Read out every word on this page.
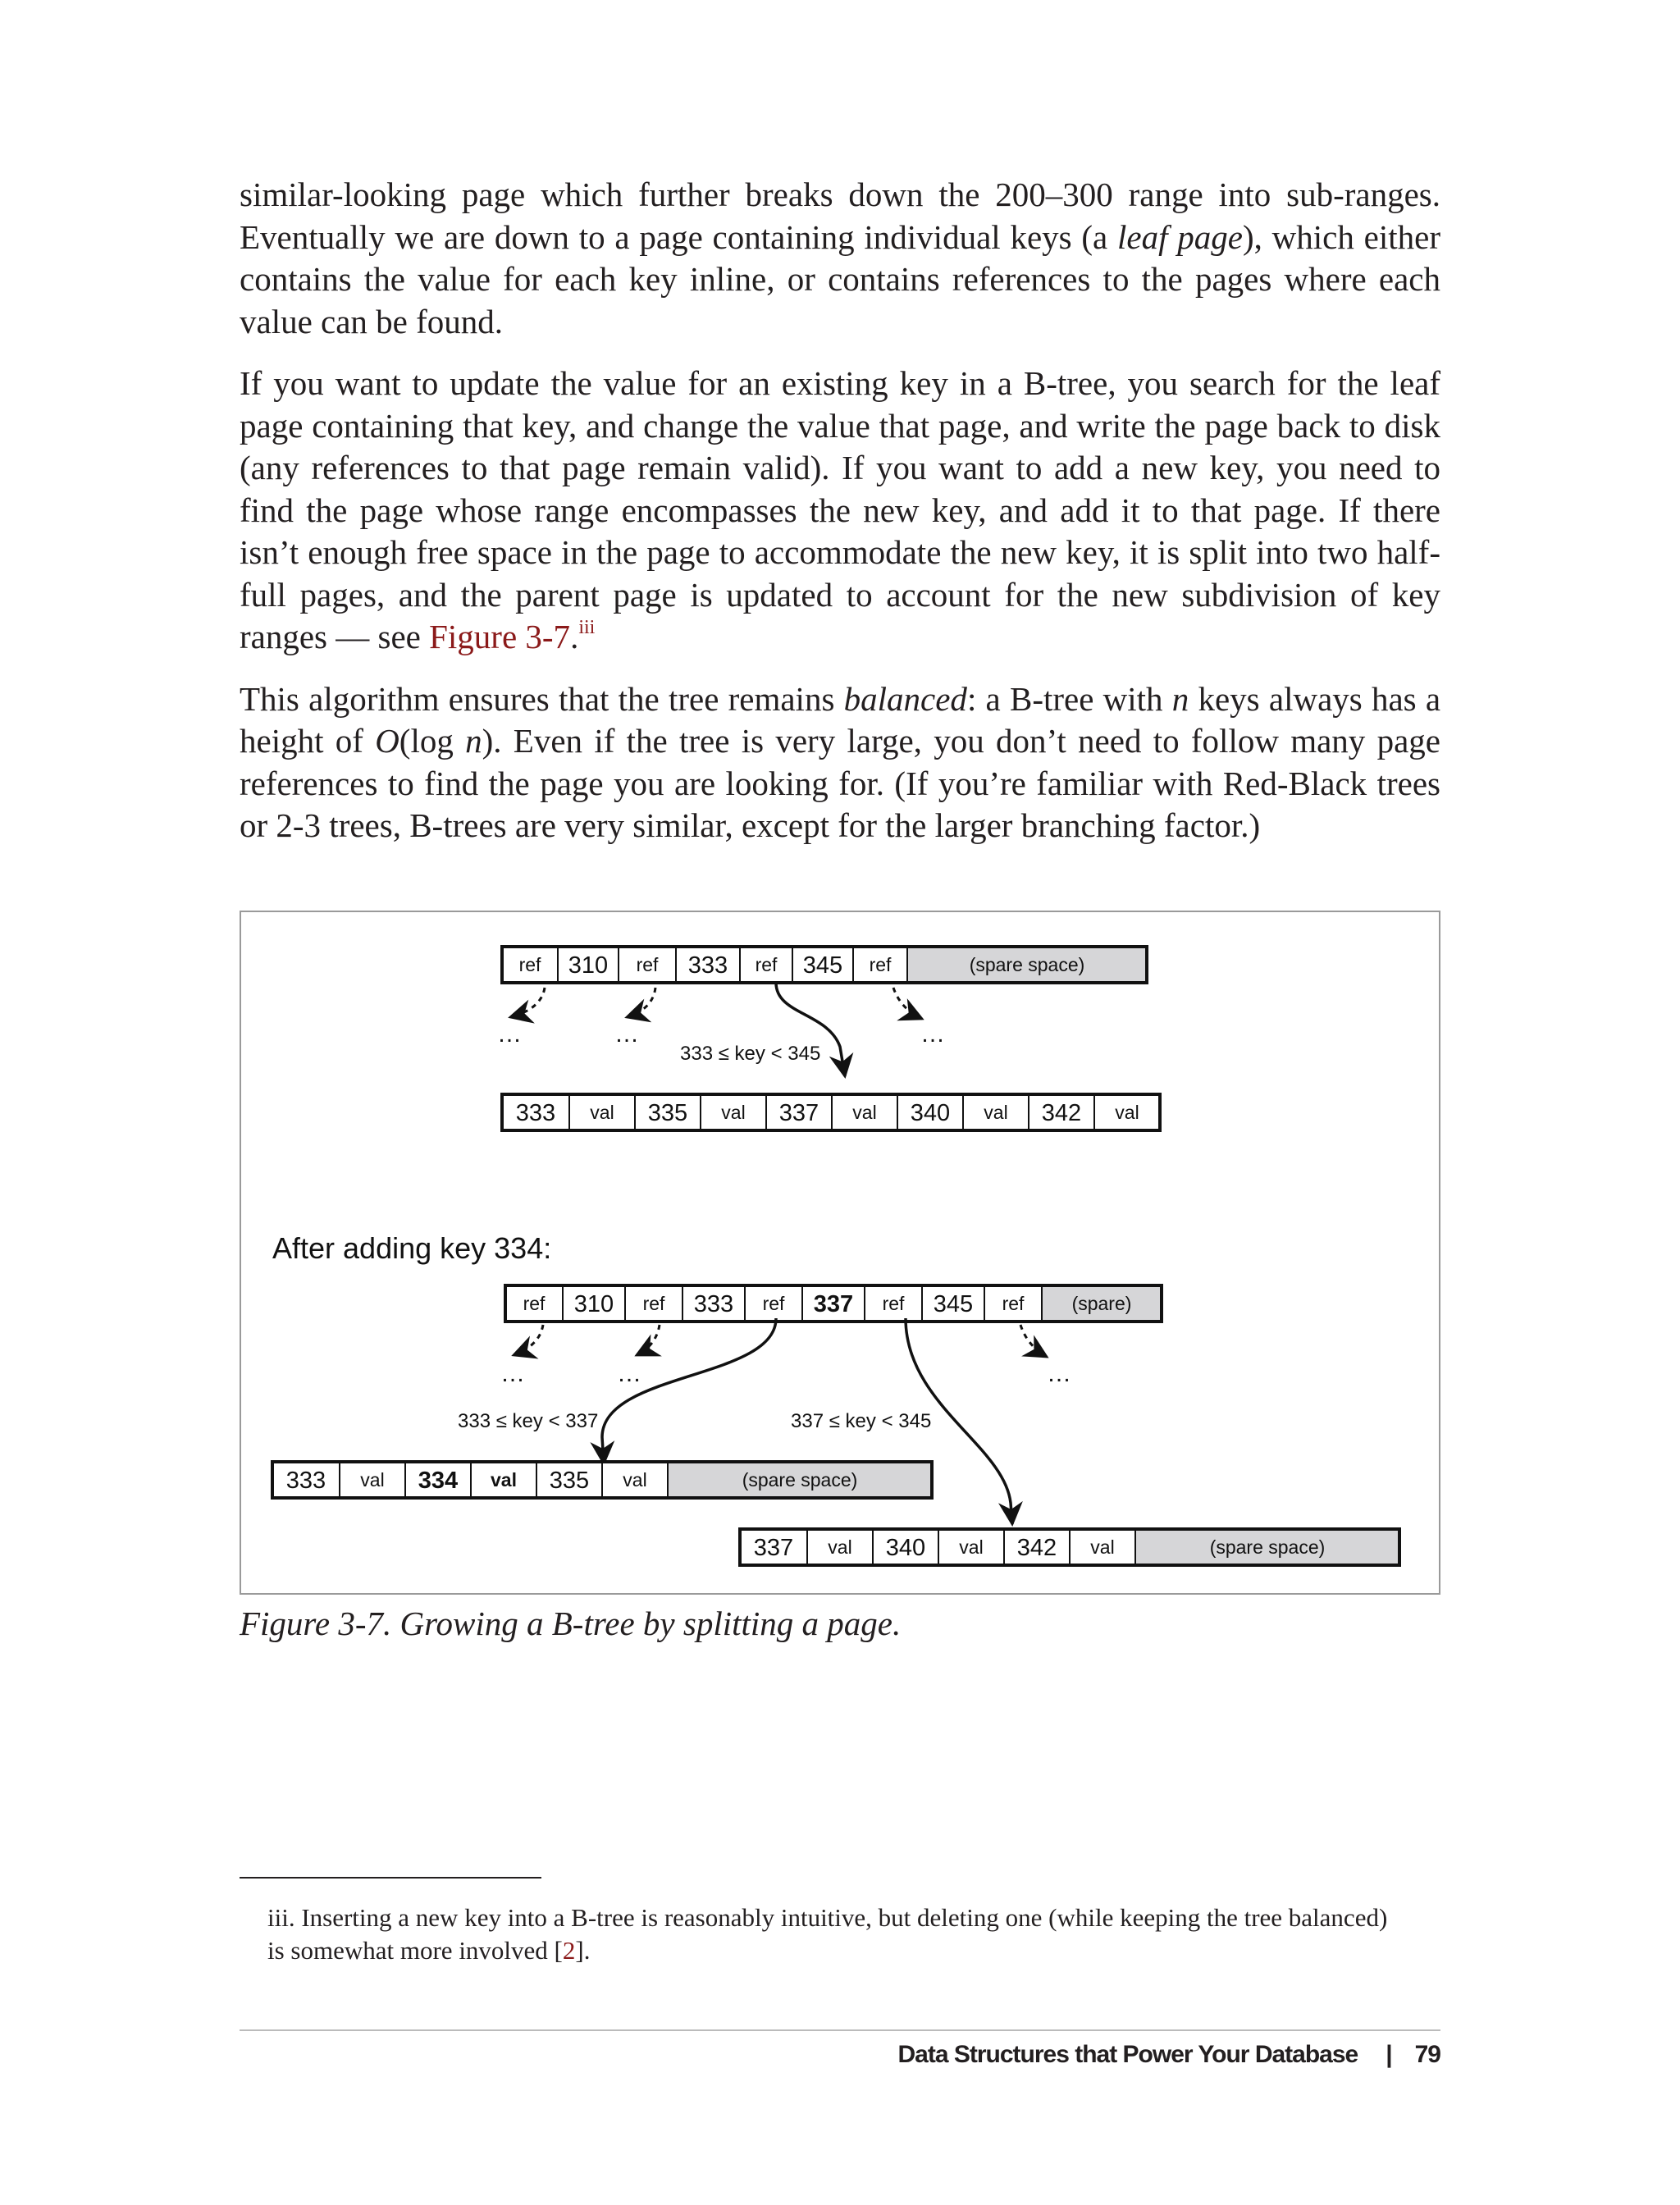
similar-looking page which further breaks down the 200–300 range into sub-ranges. Eventually we are down to a page containing individual keys (a leaf page), which either contains the value for each key inline, or contains references to the pages where each value can be found.

If you want to update the value for an existing key in a B-tree, you search for the leaf page containing that key, and change the value that page, and write the page back to disk (any references to that page remain valid). If you want to add a new key, you need to find the page whose range encompasses the new key, and add it to that page. If there isn’t enough free space in the page to accommodate the new key, it is split into two half-full pages, and the parent page is updated to account for the new subdivision of key ranges — see Figure 3-7.$^{iii}$

This algorithm ensures that the tree remains balanced: a B-tree with n keys always has a height of O(log n). Even if the tree is very large, you don’t need to follow many page references to find the page you are looking for. (If you’re familiar with Red-Black trees or 2-3 trees, B-trees are very similar, except for the larger branching factor.)

ref 310 ref 333 ref 345 ref	(spare space)
…	…	…
333 ≤ key < 345
333 val 335 val 337 val 340 val 342 val
After adding key 334:
ref 310 ref 333 ref 337 ref 345 ref	(spare)
…	…	…
333 ≤ key < 337	337 ≤ key < 345
333 val 334 val 335 val	(spare space)
337 val 340 val 342 val	(spare space)
Figure 3-7. Growing a B-tree by splitting a page.
iii. Inserting a new key into a B-tree is reasonably intuitive, but deleting one (while keeping the tree balanced) is somewhat more involved [2].
Data Structures that Power Your Database | 79
